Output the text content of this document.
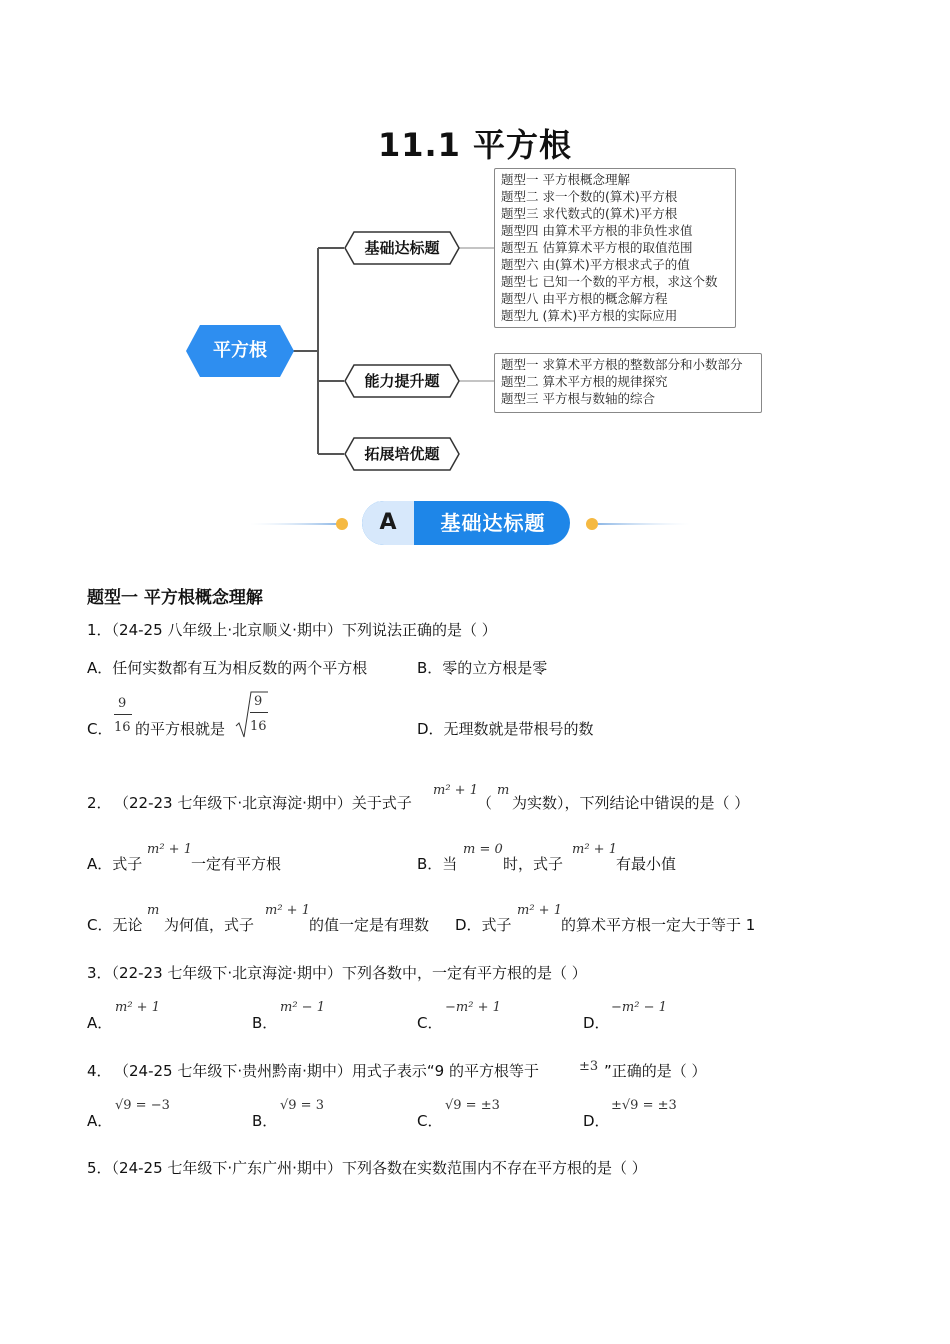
11.1 平方根
平方根
基础达标题
能力提升题
拓展培优题
题型一 平方根概念理解
题型二 求一个数的(算术)平方根
题型三 求代数式的(算术)平方根
题型四 由算术平方根的非负性求值
题型五 估算算术平方根的取值范围
题型六 由(算术)平方根求式子的值
题型七 已知一个数的平方根，求这个数
题型八 由平方根的概念解方程
题型九 (算术)平方根的实际应用
题型一 求算术平方根的整数部分和小数部分
题型二 算术平方根的规律探究
题型三 平方根与数轴的综合
A	基础达标题
题型一 平方根概念理解
1．（24-25 八年级上·北京顺义·期中）下列说法正确的是（ ）
A．任何实数都有互为相反数的两个平方根	B．零的立方根是零
C．
9
16 的平方根就是
9
16	D．无理数就是带根号的数
2． （22-23 七年级下·北京海淀·期中）关于式子
m² + 1
（
m
为实数），下列结论中错误的是（ ）
A．式子
m² + 1
一定有平方根	B．当
m = 0
时，式子
m² + 1
有最小值
C．无论
m
为何值，式子
m² + 1
的值一定是有理数 D．式子
m² + 1
的算术平方根一定大于等于 1
3．（22-23 七年级下·北京海淀·期中）下列各数中，一定有平方根的是（ ）
A．
m² + 1
B．
m² − 1
C．
−m² + 1
D．
−m² − 1
4． （24-25 七年级下·贵州黔南·期中）用式子表示“9 的平方根等于	±3 ”正确的是（ ）
A．
√9 = −3
B．
√9 = 3
C．
√9 = ±3
D．
±√9 = ±3
5．（24-25 七年级下·广东广州·期中）下列各数在实数范围内不存在平方根的是（ ）
